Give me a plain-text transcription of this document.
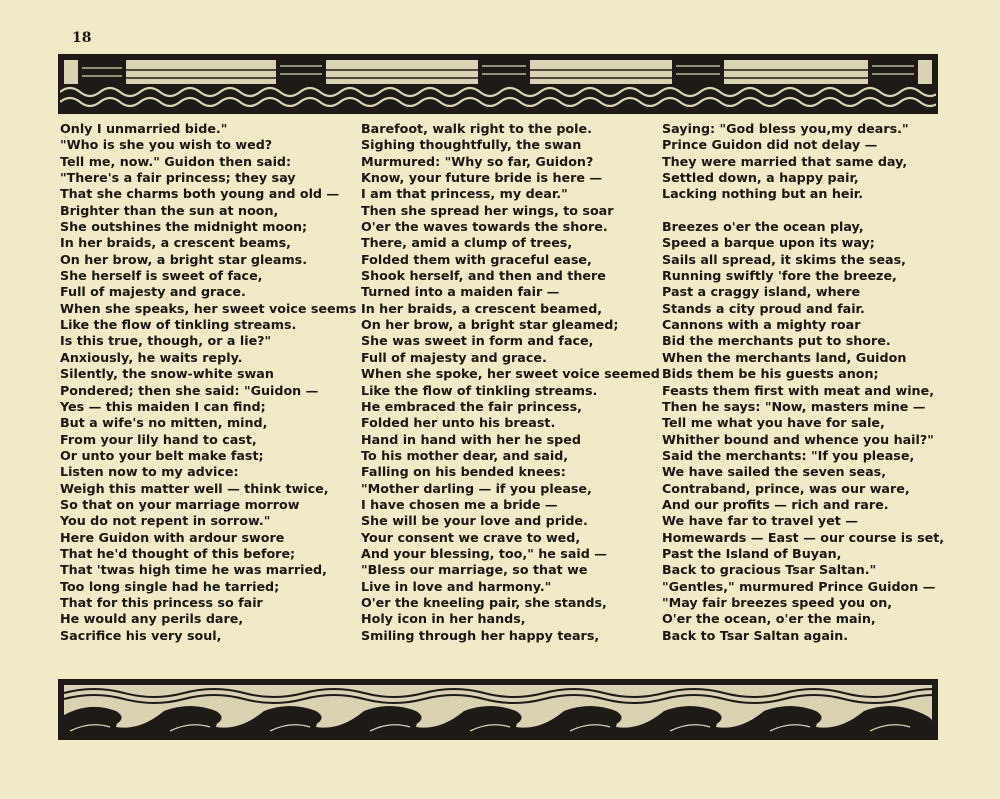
18
Only I unmarried bide."
"Who is she you wish to wed?
Tell me, now." Guidon then said:
"There's a fair princess; they say
That she charms both young and old —
Brighter than the sun at noon,
She outshines the midnight moon;
In her braids, a crescent beams,
On her brow, a bright star gleams.
She herself is sweet of face,
Full of majesty and grace.
When she speaks, her sweet voice seems
Like the flow of tinkling streams.
Is this true, though, or a lie?"
Anxiously, he waits reply.
Silently, the snow-white swan
Pondered; then she said: "Guidon —
Yes — this maiden I can find;
But a wife's no mitten, mind,
From your lily hand to cast,
Or unto your belt make fast;
Listen now to my advice:
Weigh this matter well — think twice,
So that on your marriage morrow
You do not repent in sorrow."
Here Guidon with ardour swore
That he'd thought of this before;
That 'twas high time he was married,
Too long single had he tarried;
That for this princess so fair
He would any perils dare,
Sacrifice his very soul,
Barefoot, walk right to the pole.
Sighing thoughtfully, the swan
Murmured: "Why so far, Guidon?
Know, your future bride is here —
I am that princess, my dear."
Then she spread her wings, to soar
O'er the waves towards the shore.
There, amid a clump of trees,
Folded them with graceful ease,
Shook herself, and then and there
Turned into a maiden fair —
In her braids, a crescent beamed,
On her brow, a bright star gleamed;
She was sweet in form and face,
Full of majesty and grace.
When she spoke, her sweet voice seemed
Like the flow of tinkling streams.
He embraced the fair princess,
Folded her unto his breast.
Hand in hand with her he sped
To his mother dear, and said,
Falling on his bended knees:
"Mother darling — if you please,
I have chosen me a bride —
She will be your love and pride.
Your consent we crave to wed,
And your blessing, too," he said —
"Bless our marriage, so that we
Live in love and harmony."
O'er the kneeling pair, she stands,
Holy icon in her hands,
Smiling through her happy tears,
Saying: "God bless you,my dears."
Prince Guidon did not delay —
They were married that same day,
Settled down, a happy pair,
Lacking nothing but an heir.
Breezes o'er the ocean play,
Speed a barque upon its way;
Sails all spread, it skims the seas,
Running swiftly 'fore the breeze,
Past a craggy island, where
Stands a city proud and fair.
Cannons with a mighty roar
Bid the merchants put to shore.
When the merchants land, Guidon
Bids them be his guests anon;
Feasts them first with meat and wine,
Then he says: "Now, masters mine —
Tell me what you have for sale,
Whither bound and whence you hail?"
Said the merchants: "If you please,
We have sailed the seven seas,
Contraband, prince, was our ware,
And our profits — rich and rare.
We have far to travel yet —
Homewards — East — our course is set,
Past the Island of Buyan,
Back to gracious Tsar Saltan."
"Gentles," murmured Prince Guidon —
"May fair breezes speed you on,
O'er the ocean, o'er the main,
Back to Tsar Saltan again.
